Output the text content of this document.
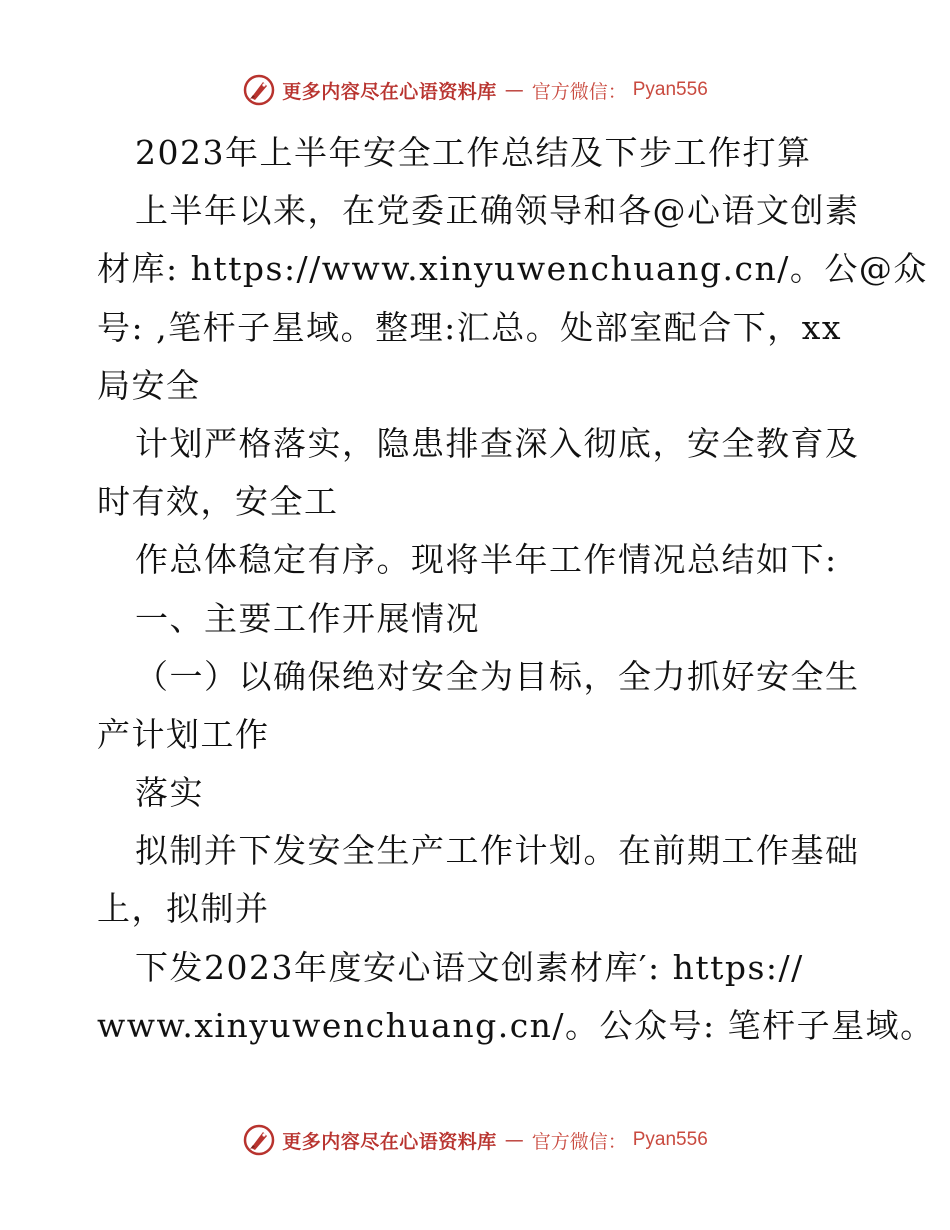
更多内容尽在心语资料库 — 官方微信： Pyan556
2023年上半年安全工作总结及下步工作打算
上半年以来，在党委正确领导和各@心语文创素
材库: https://www.xinyuwenchuang.cn/。公@众
号: ,笔杆子星域。整理:汇总。处部室配合下，xx
局安全
计划严格落实，隐患排查深入彻底，安全教育及
时有效，安全工
作总体稳定有序。现将半年工作情况总结如下:
一、主要工作开展情况
（一）以确保绝对安全为目标，全力抓好安全生
产计划工作
落实
拟制并下发安全生产工作计划。在前期工作基础
上，拟制并
下发2023年度安心语文创素材库′: https://
www.xinyuwenchuang.cn/。公众号: 笔杆子星域。
更多内容尽在心语资料库 — 官方微信： Pyan556
